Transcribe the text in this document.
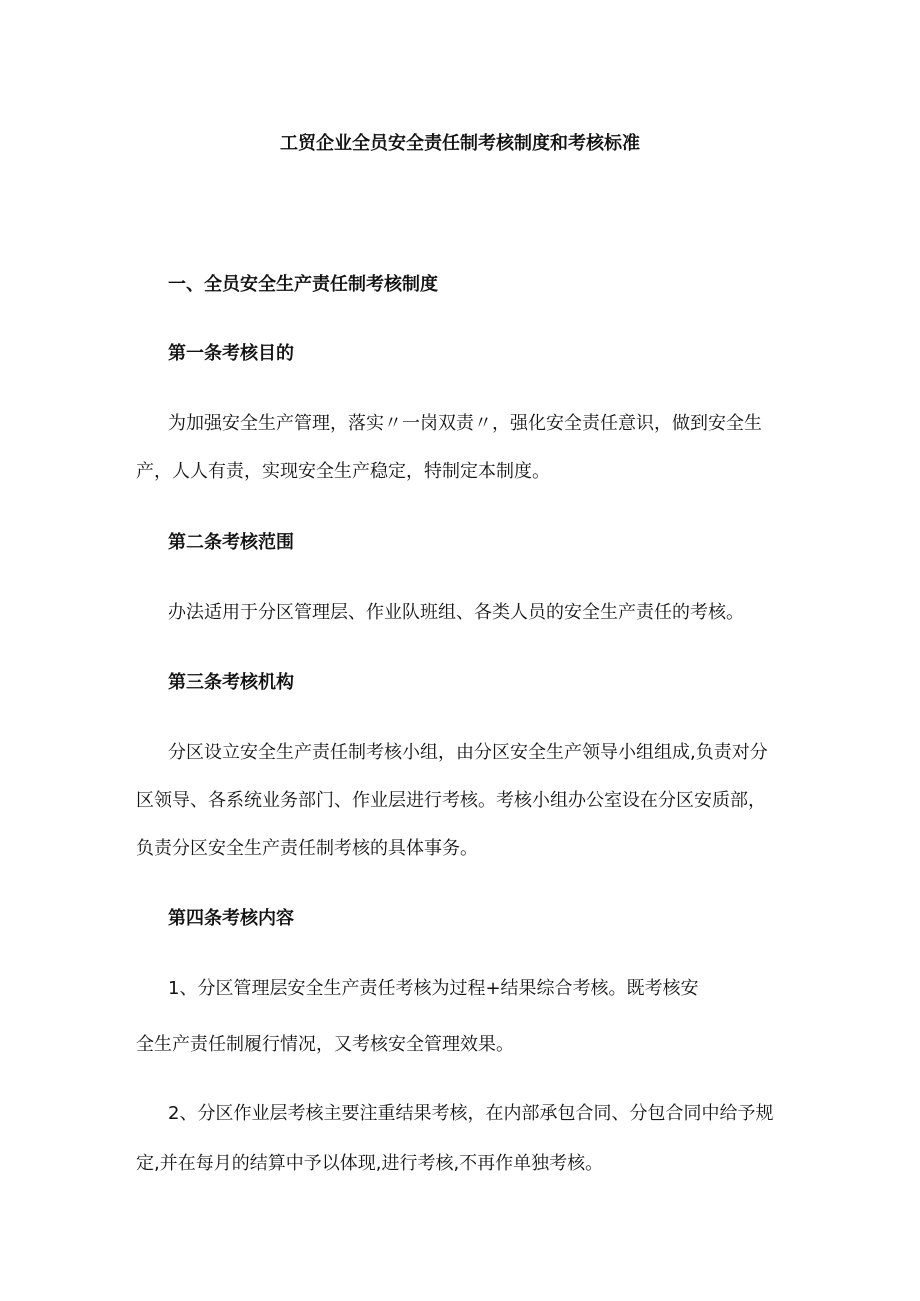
工贸企业全员安全责任制考核制度和考核标准
一、全员安全生产责任制考核制度
第一条考核目的
为加强安全生产管理，落实〃一岗双责〃，强化安全责任意识，做到安全生
产，人人有责，实现安全生产稳定，特制定本制度。
第二条考核范围
办法适用于分区管理层、作业队班组、各类人员的安全生产责任的考核。
第三条考核机构
分区设立安全生产责任制考核小组，由分区安全生产领导小组组成,负责对分
区领导、各系统业务部门、作业层进行考核。考核小组办公室设在分区安质部，
负责分区安全生产责任制考核的具体事务。
第四条考核内容
1、分区管理层安全生产责任考核为过程+结果综合考核。既考核安
全生产责任制履行情况，又考核安全管理效果。
2、分区作业层考核主要注重结果考核，在内部承包合同、分包合同中给予规
定,并在每月的结算中予以体现,进行考核,不再作单独考核。
